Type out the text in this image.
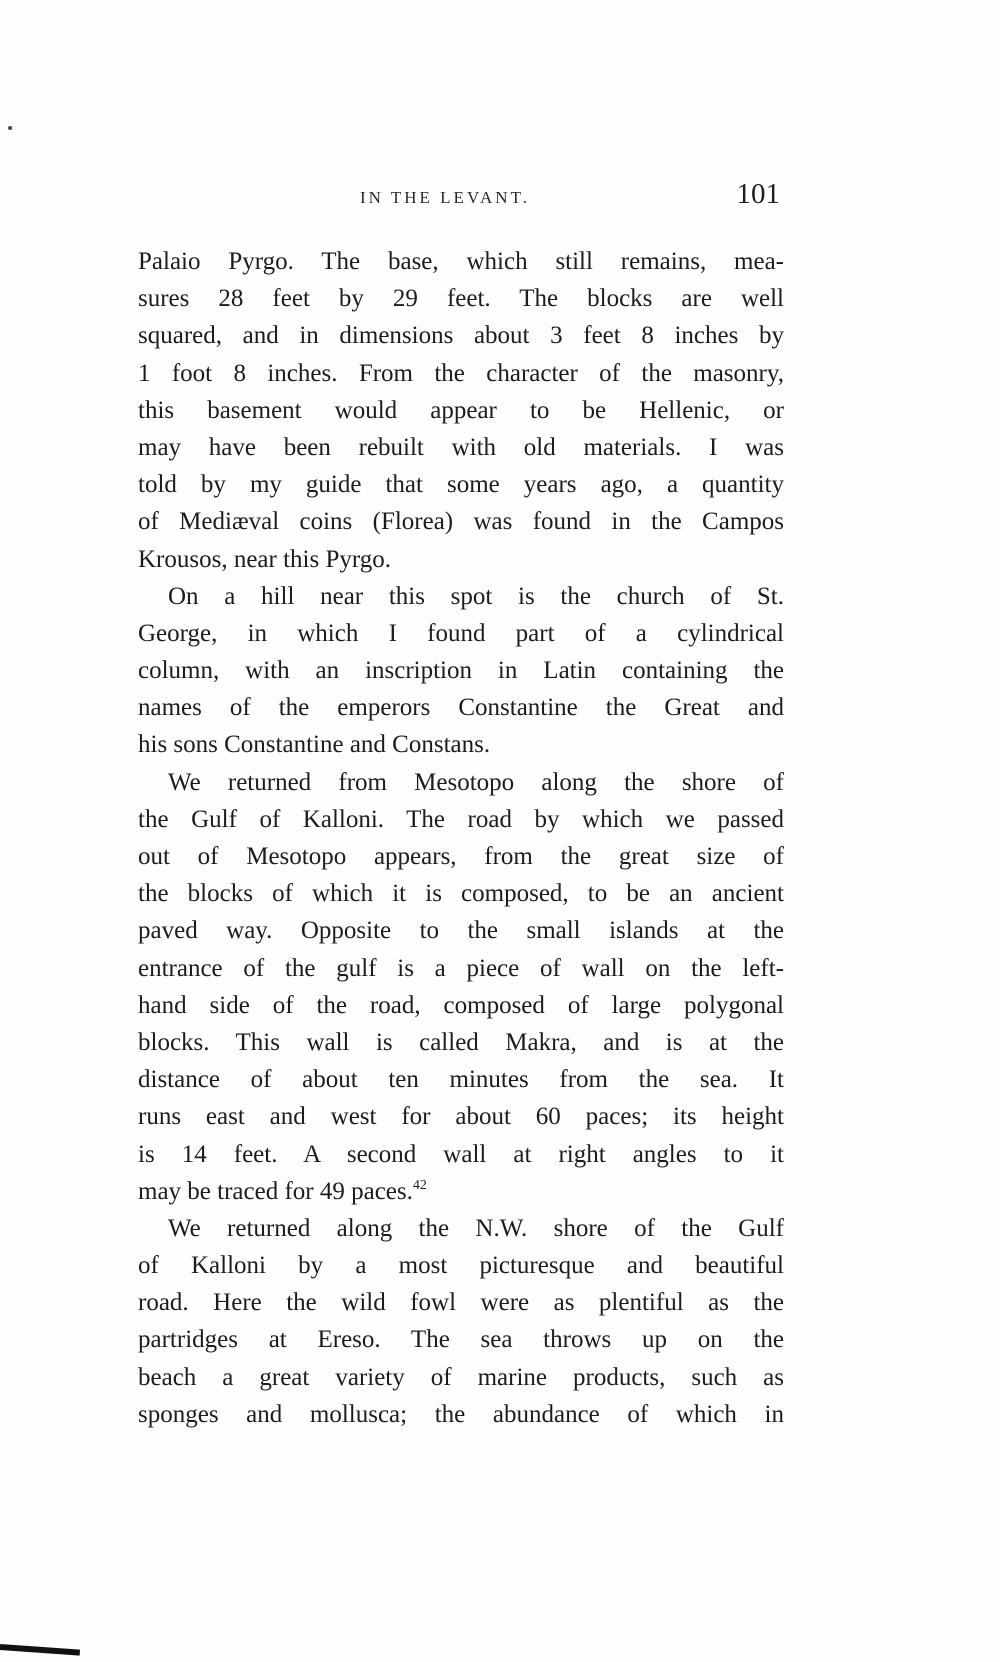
IN THE LEVANT.	101
Palaio Pyrgo. The base, which still remains, mea-
sures 28 feet by 29 feet. The blocks are well
squared, and in dimensions about 3 feet 8 inches by
1 foot 8 inches. From the character of the masonry,
this basement would appear to be Hellenic, or
may have been rebuilt with old materials. I was
told by my guide that some years ago, a quantity
of Mediæval coins (Florea) was found in the Campos
Krousos, near this Pyrgo.
On a hill near this spot is the church of St.
George, in which I found part of a cylindrical
column, with an inscription in Latin containing the
names of the emperors Constantine the Great and
his sons Constantine and Constans.
We returned from Mesotopo along the shore of
the Gulf of Kalloni. The road by which we passed
out of Mesotopo appears, from the great size of
the blocks of which it is composed, to be an ancient
paved way. Opposite to the small islands at the
entrance of the gulf is a piece of wall on the left-
hand side of the road, composed of large polygonal
blocks. This wall is called Makra, and is at the
distance of about ten minutes from the sea. It
runs east and west for about 60 paces; its height
is 14 feet. A second wall at right angles to it
may be traced for 49 paces.$^{42}$
We returned along the N.W. shore of the Gulf
of Kalloni by a most picturesque and beautiful
road. Here the wild fowl were as plentiful as the
partridges at Ereso. The sea throws up on the
beach a great variety of marine products, such as
sponges and mollusca; the abundance of which in
